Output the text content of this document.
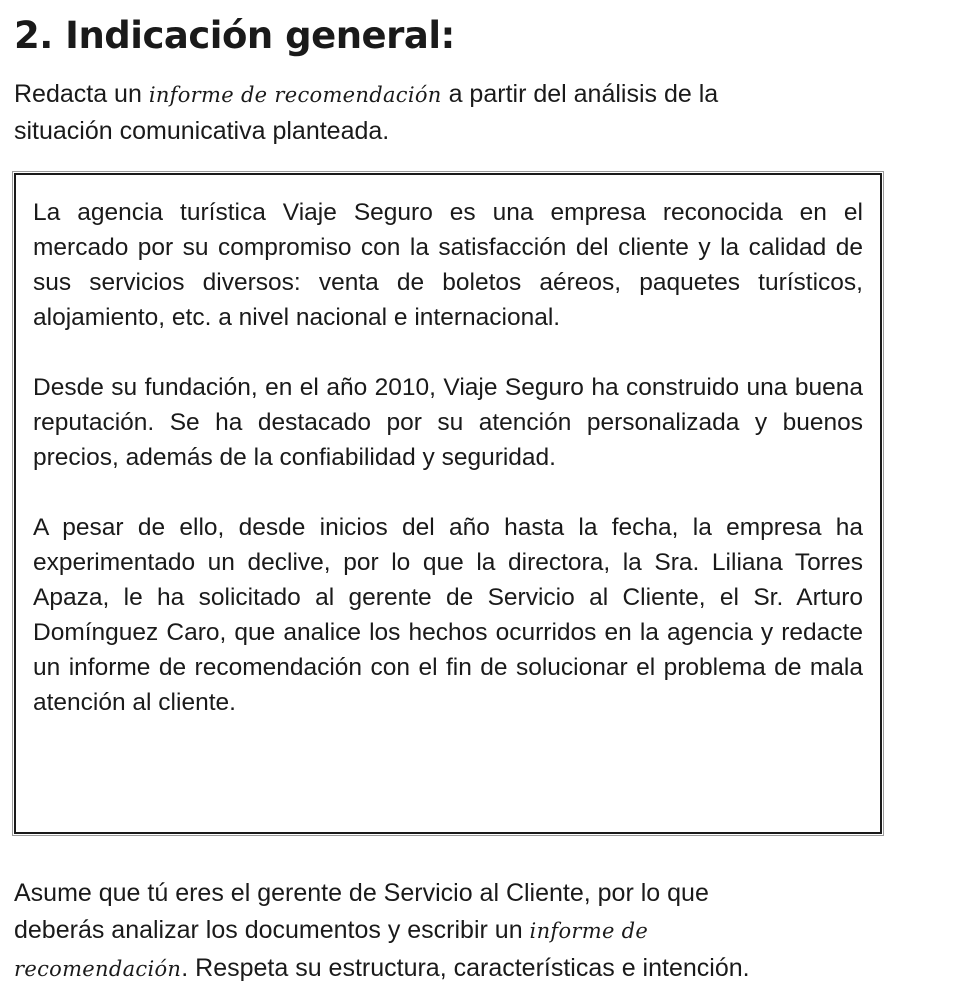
2. Indicación general:

Redacta un informe de recomendación a partir del análisis de la

situación comunicativa planteada.

La agencia turística Viaje Seguro es una empresa reconocida en el mercado por su compromiso con la satisfacción del cliente y la calidad de sus servicios diversos: venta de boletos aéreos, paquetes turísticos, alojamiento, etc. a nivel nacional e internacional.

Desde su fundación, en el año 2010, Viaje Seguro ha construido una buena reputación. Se ha destacado por su atención personalizada y buenos precios, además de la confiabilidad y seguridad.

A pesar de ello, desde inicios del año hasta la fecha, la empresa ha experimentado un declive, por lo que la directora, la Sra. Liliana Torres Apaza, le ha solicitado al gerente de Servicio al Cliente, el Sr. Arturo Domínguez Caro, que analice los hechos ocurridos en la agencia y redacte un informe de recomendación con el fin de solucionar el problema de mala atención al cliente.

Asume que tú eres el gerente de Servicio al Cliente, por lo que

deberás analizar los documentos y escribir un informe de

recomendación. Respeta su estructura, características e intención.
